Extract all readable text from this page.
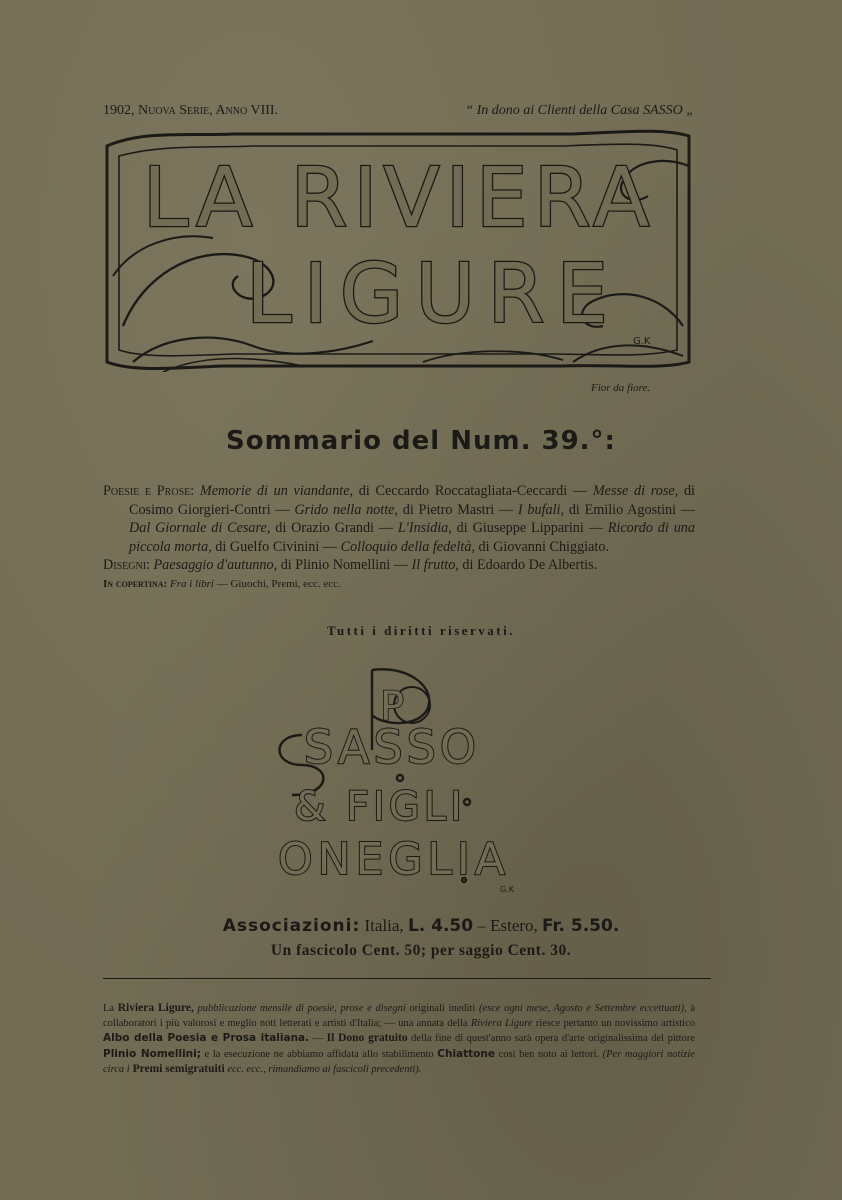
1902, Nuova Serie, Anno VIII.	“ In dono ai Clienti della Casa SASSO „
LA RIVIERA
LIGURE G.K
Fior da fiore.
Sommario del Num. 39.°:

Poesie e Prose: Memorie di un viandante, di Ceccardo Roccatagliata-Ceccardi — Messe di rose, di Cosimo Giorgieri-Contri — Grido nella notte, di Pietro Mastri — I bufali, di Emilio Agostini — Dal Giornale di Cesare, di Orazio Grandi — L'Insidia, di Giuseppe Lipparini — Ricordo di una piccola morta, di Guelfo Civinini — Colloquio della fedeltà, di Giovanni Chiggiato.

Disegni: Paesaggio d'autunno, di Plinio Nomellini — Il frutto, di Edoardo De Albertis.

In copertina: Fra i libri — Giuochi, Premi, ecc. ecc.

Tutti i diritti riservati.
P
SASSO
& FIGLI
ONEGLIA
G.K
Associazioni: Italia, L. 4.50 – Estero, Fr. 5.50.
Un fascicolo Cent. 50; per saggio Cent. 30.

La Riviera Ligure, pubblicazione mensile di poesie, prose e disegni originali inediti (esce ogni mese, Agosto e Settembre eccettuati), à collaboratori i più valorosi e meglio noti letterati e artisti d'Italia; — una annata della Riviera Ligure riesce pertanto un novissimo artistico Albo della Poesia e Prosa italiana. — Il Dono gratuito della fine di quest'anno sarà opera d'arte originalissima del pittore Plinio Nomellini; e la esecuzione ne abbiamo affidata allo stabilimento Chiattone così ben noto ai lettori. (Per maggiori notizie circa i Premi semigratuiti ecc. ecc., rimandiamo ai fascicoli precedenti).
